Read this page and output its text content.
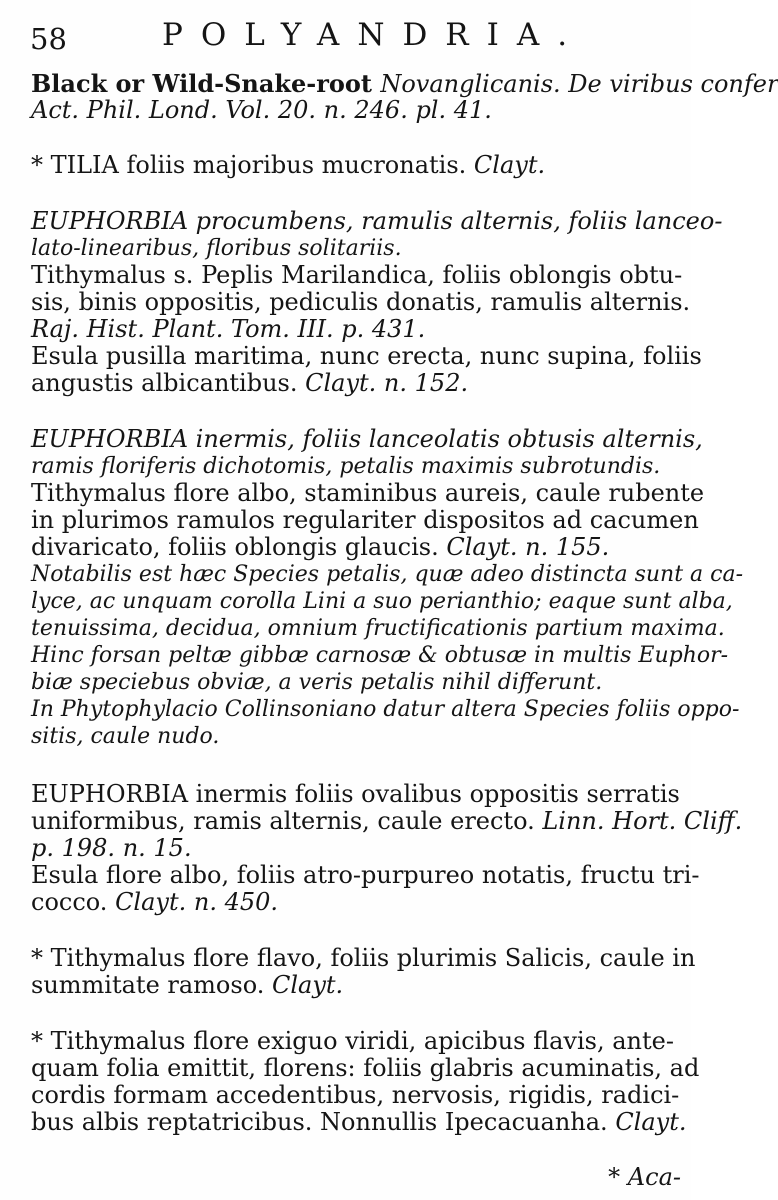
58	POLYANDRIA.
Black or Wild-Snake-root Novanglicanis. De viribus confer
Act. Phil. Lond. Vol. 20. n. 246. pl. 41.
* TILIA foliis majoribus mucronatis. Clayt.
EUPHORBIA procumbens, ramulis alternis, foliis lanceo-
lato-linearibus, floribus solitariis.
Tithymalus s. Peplis Marilandica, foliis oblongis obtu-
sis, binis oppositis, pediculis donatis, ramulis alternis.
Raj. Hist. Plant. Tom. III. p. 431.
Esula pusilla maritima, nunc erecta, nunc supina, foliis
angustis albicantibus. Clayt. n. 152.
EUPHORBIA inermis, foliis lanceolatis obtusis alternis,
ramis floriferis dichotomis, petalis maximis subrotundis.
Tithymalus flore albo, staminibus aureis, caule rubente
in plurimos ramulos regulariter dispositos ad cacumen
divaricato, foliis oblongis glaucis. Clayt. n. 155.
Notabilis est hæc Species petalis, quæ adeo distincta sunt a ca-
lyce, ac unquam corolla Lini a suo perianthio; eaque sunt alba,
tenuissima, decidua, omnium fructificationis partium maxima.
Hinc forsan peltæ gibbæ carnosæ & obtusæ in multis Euphor-
biæ speciebus obviæ, a veris petalis nihil differunt.
In Phytophylacio Collinsoniano datur altera Species foliis oppo-
sitis, caule nudo.
EUPHORBIA inermis foliis ovalibus oppositis serratis
uniformibus, ramis alternis, caule erecto. Linn. Hort. Cliff.
p. 198. n. 15.
Esula flore albo, foliis atro-purpureo notatis, fructu tri-
cocco. Clayt. n. 450.
* Tithymalus flore flavo, foliis plurimis Salicis, caule in
summitate ramoso. Clayt.
* Tithymalus flore exiguo viridi, apicibus flavis, ante-
quam folia emittit, florens: foliis glabris acuminatis, ad
cordis formam accedentibus, nervosis, rigidis, radici-
bus albis reptatricibus. Nonnullis Ipecacuanha. Clayt.
* Aca-
